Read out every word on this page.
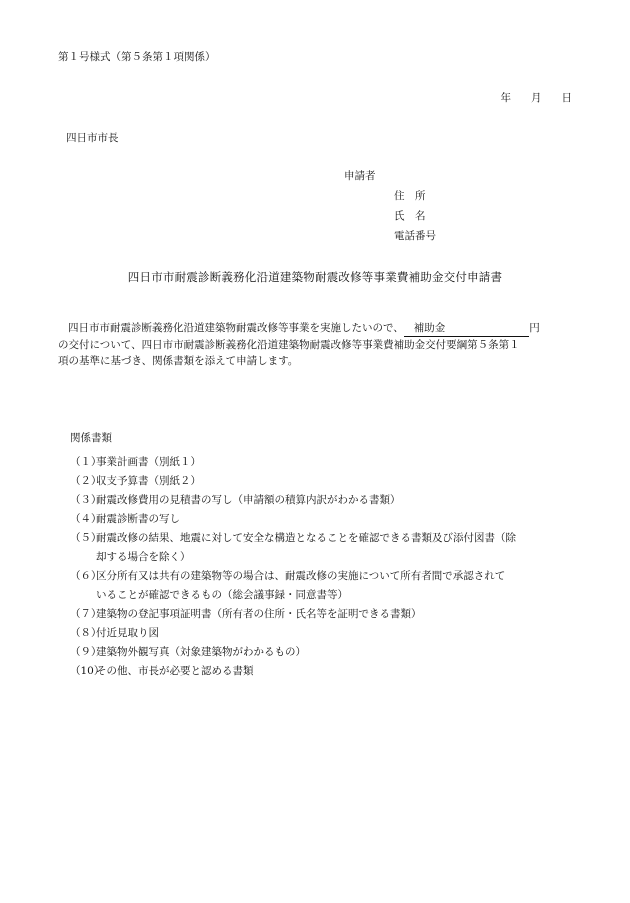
第１号様式（第５条第１項関係）
年 月 日
四日市市長
申請者
住　所
氏　名
電話番号
四日市市耐震診断義務化沿道建築物耐震改修等事業費補助金交付申請書

四日市市耐震診断義務化沿道建築物耐震改修等事業を実施したいので、 補助金	円

の交付について、四日市市耐震診断義務化沿道建築物耐震改修等事業費補助金交付要綱第５条第１

項の基準に基づき、関係書類を添えて申請します。

関係書類
（１）
事業計画書（別紙１）
（２）
収支予算書（別紙２）
（３）
耐震改修費用の見積書の写し（申請額の積算内訳がわかる書類）
（４）
耐震診断書の写し
（５）
耐震改修の結果、地震に対して安全な構造となることを確認できる書類及び添付図書（除
却する場合を除く）
（６）
区分所有又は共有の建築物等の場合は、耐震改修の実施について所有者間で承認されて
いることが確認できるもの（総会議事録・同意書等）
（７）
建築物の登記事項証明書（所有者の住所・氏名等を証明できる書類）
（８）
付近見取り図
（９）
建築物外観写真（対象建築物がわかるもの）
（10）
その他、市長が必要と認める書類
